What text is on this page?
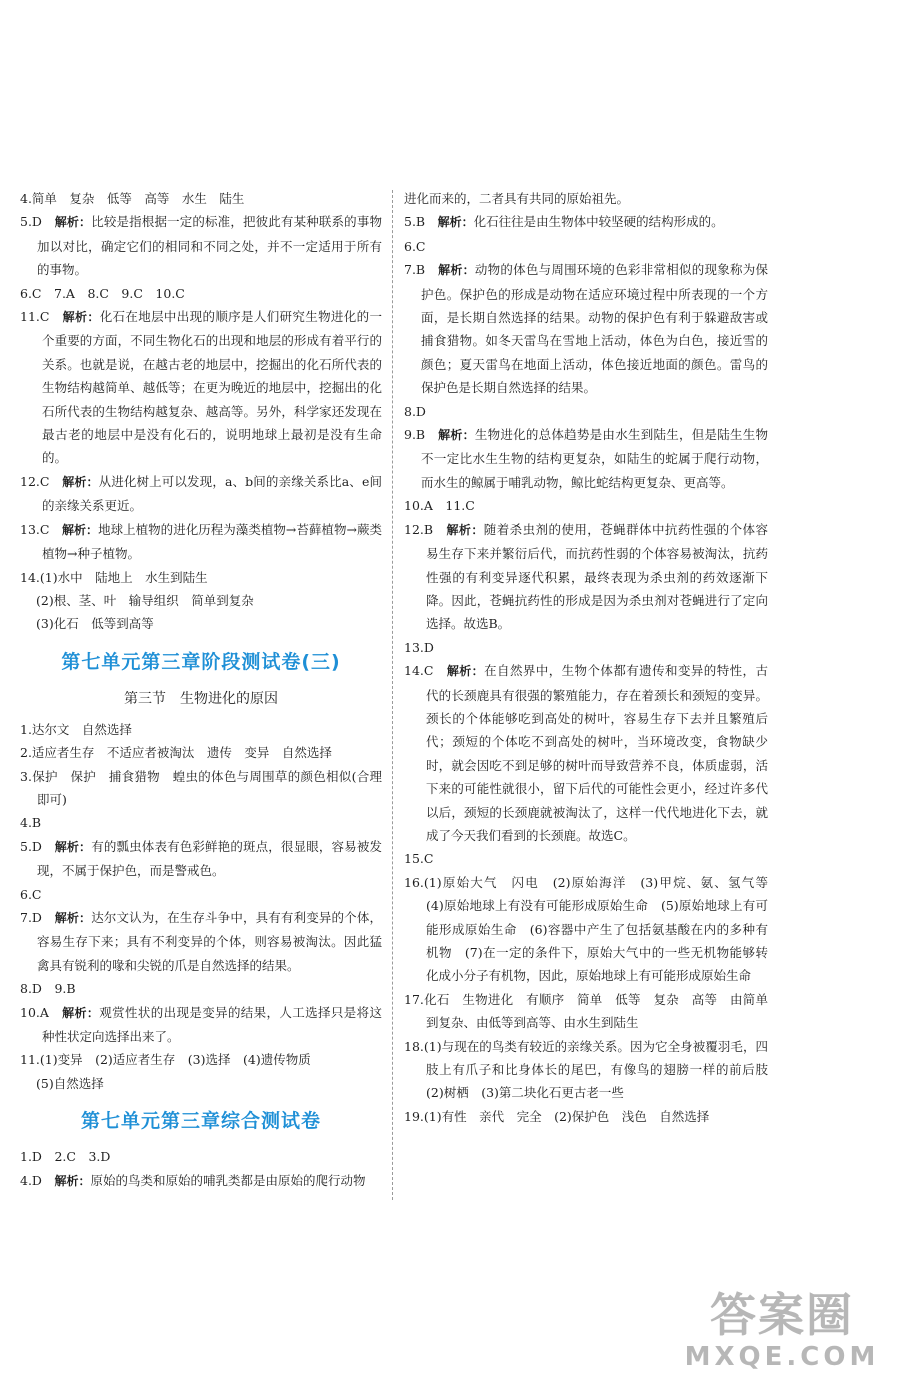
4.简单　复杂　低等　高等　水生　陆生
5.D　 解析：比较是指根据一定的标准，把彼此有某种联系的事物加以对比，确定它们的相同和不同之处，并不一定适用于所有的事物。
6.C　7.A　8.C　9.C　10.C
11.C　 解析：化石在地层中出现的顺序是人们研究生物进化的一个重要的方面，不同生物化石的出现和地层的形成有着平行的关系。也就是说，在越古老的地层中，挖掘出的化石所代表的生物结构越简单、越低等；在更为晚近的地层中，挖掘出的化石所代表的生物结构越复杂、越高等。另外，科学家还发现在最古老的地层中是没有化石的，说明地球上最初是没有生命的。
12.C　 解析：从进化树上可以发现，a、b间的亲缘关系比a、e间的亲缘关系更近。
13.C　 解析：地球上植物的进化历程为藻类植物→苔藓植物→蕨类植物→种子植物。
14.(1)水中　陆地上　水生到陆生
(2)根、茎、叶　输导组织　简单到复杂
(3)化石　低等到高等
第七单元第三章阶段测试卷(三)
第三节　生物进化的原因
1.达尔文　自然选择
2.适应者生存　不适应者被淘汰　遗传　变异　自然选择
3.保护　保护　捕食猎物　蝗虫的体色与周围草的颜色相似(合理即可)
4.B
5.D　 解析：有的瓢虫体表有色彩鲜艳的斑点，很显眼，容易被发现，不属于保护色，而是警戒色。
6.C
7.D　 解析：达尔文认为，在生存斗争中，具有有利变异的个体，容易生存下来；具有不利变异的个体，则容易被淘汰。因此猛禽具有锐利的喙和尖锐的爪是自然选择的结果。
8.D　9.B
10.A　 解析：观赏性状的出现是变异的结果，人工选择只是将这种性状定向选择出来了。
11.(1)变异　(2)适应者生存　(3)选择　(4)遗传物质
(5)自然选择
第七单元第三章综合测试卷
1.D　2.C　3.D
4.D　 解析：原始的鸟类和原始的哺乳类都是由原始的爬行动物
进化而来的，二者具有共同的原始祖先。
5.B　 解析：化石往往是由生物体中较坚硬的结构形成的。
6.C
7.B　 解析：动物的体色与周围环境的色彩非常相似的现象称为保护色。保护色的形成是动物在适应环境过程中所表现的一个方面，是长期自然选择的结果。动物的保护色有利于躲避敌害或捕食猎物。如冬天雷鸟在雪地上活动，体色为白色，接近雪的颜色；夏天雷鸟在地面上活动，体色接近地面的颜色。雷鸟的保护色是长期自然选择的结果。
8.D
9.B　 解析：生物进化的总体趋势是由水生到陆生，但是陆生生物不一定比水生生物的结构更复杂，如陆生的蛇属于爬行动物，而水生的鲸属于哺乳动物，鲸比蛇结构更复杂、更高等。
10.A　11.C
12.B　 解析：随着杀虫剂的使用，苍蝇群体中抗药性强的个体容易生存下来并繁衍后代，而抗药性弱的个体容易被淘汰，抗药性强的有利变异逐代积累，最终表现为杀虫剂的药效逐渐下降。因此，苍蝇抗药性的形成是因为杀虫剂对苍蝇进行了定向选择。故选B。
13.D
14.C　 解析：在自然界中，生物个体都有遗传和变异的特性，古代的长颈鹿具有很强的繁殖能力，存在着颈长和颈短的变异。颈长的个体能够吃到高处的树叶，容易生存下去并且繁殖后代；颈短的个体吃不到高处的树叶，当环境改变，食物缺少时，就会因吃不到足够的树叶而导致营养不良，体质虚弱，活下来的可能性就很小，留下后代的可能性会更小，经过许多代以后，颈短的长颈鹿就被淘汰了，这样一代代地进化下去，就成了今天我们看到的长颈鹿。故选C。
15.C
16.(1)原始大气　闪电　(2)原始海洋　(3)甲烷、氨、氢气等　(4)原始地球上有没有可能形成原始生命　(5)原始地球上有可能形成原始生命　(6)容器中产生了包括氨基酸在内的多种有机物　(7)在一定的条件下，原始大气中的一些无机物能够转化成小分子有机物，因此，原始地球上有可能形成原始生命
17.化石　生物进化　有顺序　简单　低等　复杂　高等　由简单到复杂、由低等到高等、由水生到陆生
18.(1)与现在的鸟类有较近的亲缘关系。因为它全身被覆羽毛，四肢上有爪子和比身体长的尾巴，有像鸟的翅膀一样的前后肢　(2)树栖　(3)第二块化石更古老一些
19.(1)有性　亲代　完全　(2)保护色　浅色　自然选择
答案圈
MXQE.COM
